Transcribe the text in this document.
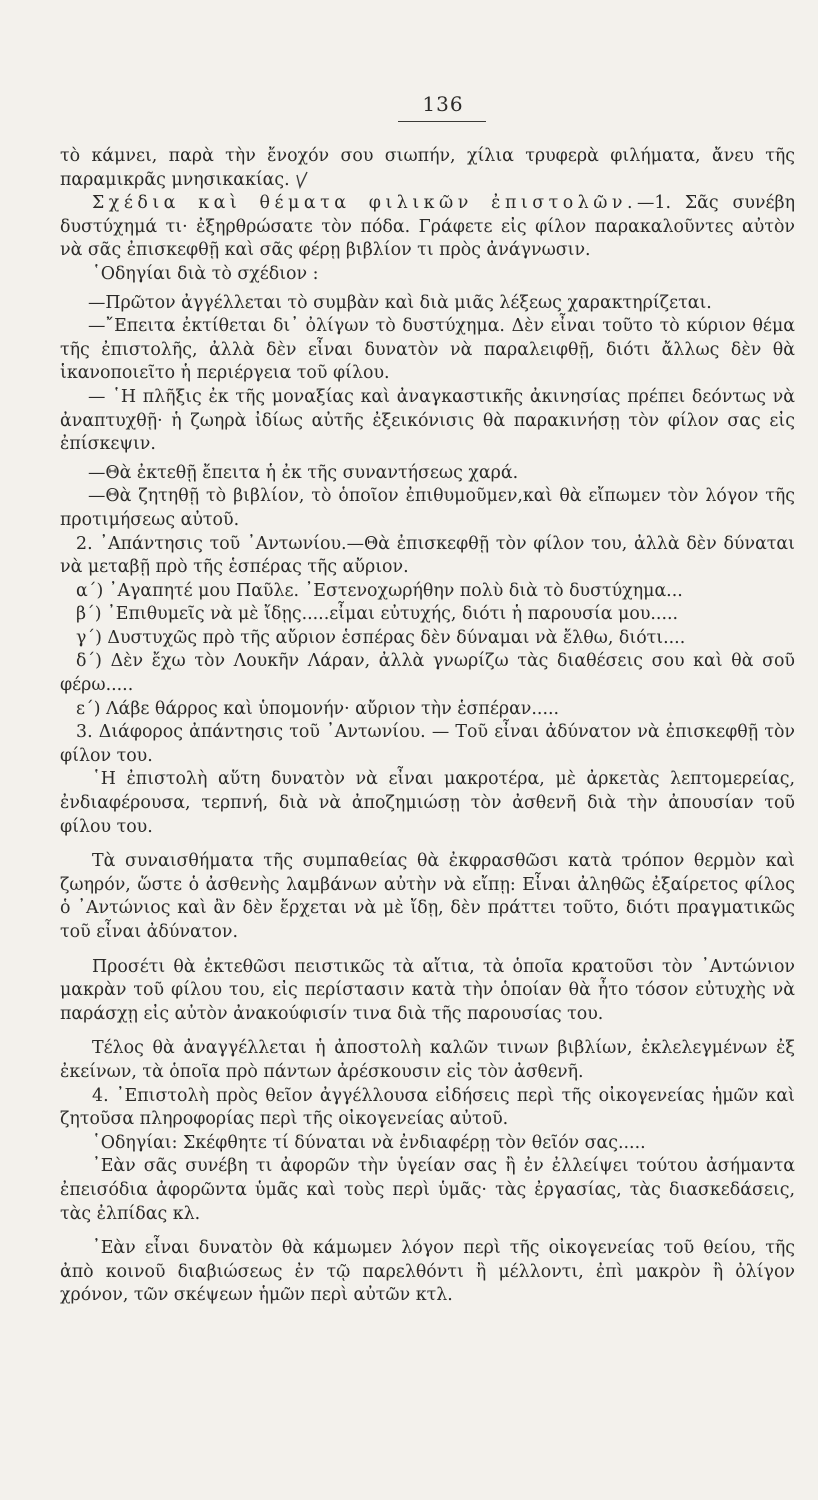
136

τὸ κάμνει, παρὰ τὴν ἔνοχόν σου σιωπήν, χίλια τρυφερὰ φιλήματα, ἄνευ τῆς παραμικρᾶς μνησικακίας.

Σχέδια καὶ θέματα φιλικῶν ἐπιστολῶν.—1. Σᾶς συνέβη δυστύχημά τι· ἐξηρθρώσατε τὸν πόδα. Γράφετε εἰς φίλον παρακαλοῦντες αὐτὸν νὰ σᾶς ἐπισκεφθῇ καὶ σᾶς φέρῃ βιβλίον τι πρὸς ἀνάγνωσιν.

῾Οδηγίαι διὰ τὸ σχέδιον :

—Πρῶτον ἀγγέλλεται τὸ συμβὰν καὶ διὰ μιᾶς λέξεως χαρακτηρίζεται.

—῎Επειτα ἐκτίθεται δι᾿ ὀλίγων τὸ δυστύχημα. Δὲν εἶναι τοῦτο τὸ κύριον θέμα τῆς ἐπιστολῆς, ἀλλὰ δὲν εἶναι δυνατὸν νὰ παραλειφθῇ, διότι ἄλλως δὲν θὰ ἱκανοποιεῖτο ἡ περιέργεια τοῦ φίλου.

— ῾Η πλῆξις ἐκ τῆς μοναξίας καὶ ἀναγκαστικῆς ἀκινησίας πρέπει δεόντως νὰ ἀναπτυχθῇ· ἡ ζωηρὰ ἰδίως αὐτῆς ἐξεικόνισις θὰ παρακινήσῃ τὸν φίλον σας εἰς ἐπίσκεψιν.

—Θὰ ἐκτεθῇ ἔπειτα ἡ ἐκ τῆς συναντήσεως χαρά.

—Θὰ ζητηθῇ τὸ βιβλίον, τὸ ὁποῖον ἐπιθυμοῦμεν,καὶ θὰ εἴπωμεν τὸν λόγον τῆς προτιμήσεως αὐτοῦ.

2. ᾿Απάντησις τοῦ ᾿Αντωνίου.—Θὰ ἐπισκεφθῇ τὸν φίλον του, ἀλλὰ δὲν δύναται νὰ μεταβῇ πρὸ τῆς ἑσπέρας τῆς αὔριον.

α΄) ᾿Αγαπητέ μου Παῦλε. ᾿Εστενοχωρήθην πολὺ διὰ τὸ δυστύχημα...

β΄) ᾿Επιθυμεῖς νὰ μὲ ἴδῃς.....εἶμαι εὐτυχής, διότι ἡ παρουσία μου.....

γ΄) Δυστυχῶς πρὸ τῆς αὔριον ἑσπέρας δὲν δύναμαι νὰ ἔλθω, διότι....

δ΄) Δὲν ἔχω τὸν Λουκῆν Λάραν, ἀλλὰ γνωρίζω τὰς διαθέσεις σου καὶ θὰ σοῦ φέρω.....

ε΄) Λάβε θάρρος καὶ ὑπομονήν· αὔριον τὴν ἑσπέραν.....

3. Διάφορος ἀπάντησις τοῦ ᾿Αντωνίου. — Τοῦ εἶναι ἀδύνατον νὰ ἐπισκεφθῇ τὸν φίλον του.

῾Η ἐπιστολὴ αὕτη δυνατὸν νὰ εἶναι μακροτέρα, μὲ ἀρκετὰς λεπτομερείας, ἐνδιαφέρουσα, τερπνή, διὰ νὰ ἀποζημιώσῃ τὸν ἀσθενῆ διὰ τὴν ἀπουσίαν τοῦ φίλου του.

Τὰ συναισθήματα τῆς συμπαθείας θὰ ἐκφρασθῶσι κατὰ τρόπον θερμὸν καὶ ζωηρόν, ὥστε ὁ ἀσθενὴς λαμβάνων αὐτὴν νὰ εἴπῃ: Εἶναι ἀληθῶς ἐξαίρετος φίλος ὁ ᾿Αντώνιος καὶ ἂν δὲν ἔρχεται νὰ μὲ ἴδῃ, δὲν πράττει τοῦτο, διότι πραγματικῶς τοῦ εἶναι ἀδύνατον.

Προσέτι θὰ ἐκτεθῶσι πειστικῶς τὰ αἴτια, τὰ ὁποῖα κρατοῦσι τὸν ᾿Αντώνιον μακρὰν τοῦ φίλου του, εἰς περίστασιν κατὰ τὴν ὁποίαν θὰ ἦτο τόσον εὐτυχὴς νὰ παράσχῃ εἰς αὐτὸν ἀνακούφισίν τινα διὰ τῆς παρουσίας του.

Τέλος θὰ ἀναγγέλλεται ἡ ἀποστολὴ καλῶν τινων βιβλίων, ἐκλελεγμένων ἐξ ἐκείνων, τὰ ὁποῖα πρὸ πάντων ἀρέσκουσιν εἰς τὸν ἀσθενῆ.

4. ᾿Επιστολὴ πρὸς θεῖον ἀγγέλλουσα εἰδήσεις περὶ τῆς οἰκογενείας ἡμῶν καὶ ζητοῦσα πληροφορίας περὶ τῆς οἰκογενείας αὐτοῦ.

῾Οδηγίαι: Σκέφθητε τί δύναται νὰ ἐνδιαφέρῃ τὸν θεῖόν σας.....

᾿Εὰν σᾶς συνέβη τι ἀφορῶν τὴν ὑγείαν σας ἢ ἐν ἐλλείψει τούτου ἀσήμαντα ἐπεισόδια ἀφορῶντα ὑμᾶς καὶ τοὺς περὶ ὑμᾶς· τὰς ἐργασίας, τὰς διασκεδάσεις, τὰς ἐλπίδας κλ.

᾿Εὰν εἶναι δυνατὸν θὰ κάμωμεν λόγον περὶ τῆς οἰκογενείας τοῦ θείου, τῆς ἀπὸ κοινοῦ διαβιώσεως ἐν τῷ παρελθόντι ἢ μέλλοντι, ἐπὶ μακρὸν ἢ ὀλίγον χρόνον, τῶν σκέψεων ἡμῶν περὶ αὐτῶν κτλ.
